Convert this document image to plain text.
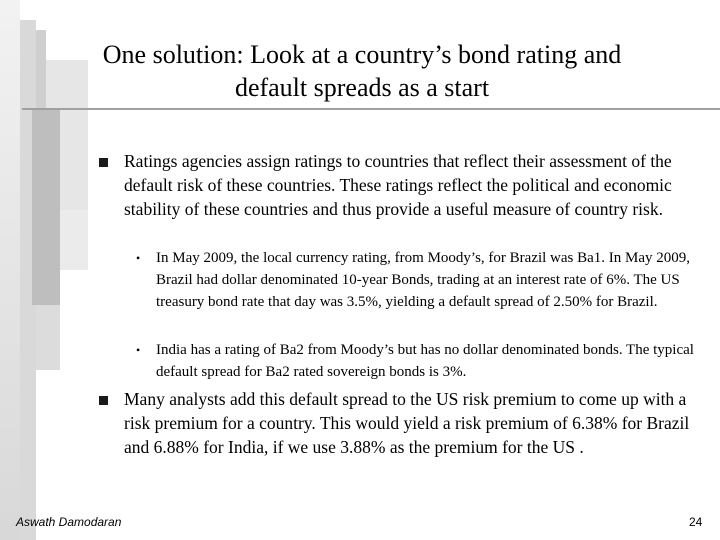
One solution: Look at a country’s bond rating and
default spreads as a start
Ratings agencies assign ratings to countries that reflect their assessment of the default risk of these countries. These ratings reflect the political and economic stability of these countries and thus provide a useful measure of country risk.
• In May 2009, the local currency rating, from Moody’s, for Brazil was Ba1. In May 2009, Brazil had dollar denominated 10-year Bonds, trading at an interest rate of 6%. The US treasury bond rate that day was 3.5%, yielding a default spread of 2.50% for Brazil.
• India has a rating of Ba2 from Moody’s but has no dollar denominated bonds. The typical default spread for Ba2 rated sovereign bonds is 3%.
Many analysts add this default spread to the US risk premium to come up with a risk premium for a country. This would yield a risk premium of 6.38% for Brazil and 6.88% for India, if we use 3.88% as the premium for the US .
Aswath Damodaran	24
